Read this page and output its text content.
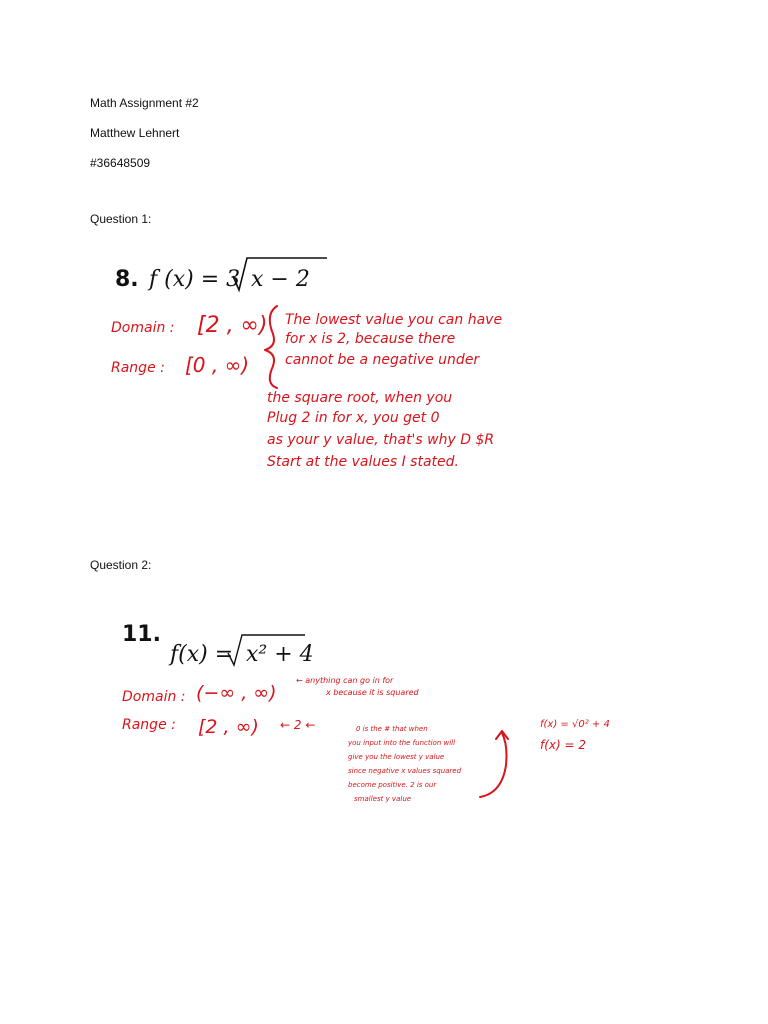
Math Assignment #2

Matthew Lehnert

#36648509

Question 1:

8. f (x) = 3 x − 2
Domain : [2 , ∞)
Range : [0 , ∞)
The lowest value you can have
for x is 2, because there
cannot be a negative under
the square root, when you
Plug 2 in for x, you get 0
as your y value, that's why D $R
Start at the values I stated.

Question 2:

11.
f(x) = x² + 4
Domain : (−∞ , ∞)
← anything can go in for
x because it is squared
Range : [2 , ∞) ← 2 ←	0 is the # that when
you input into the function will
give you the lowest y value
since negative x values squared
become positive. 2 is our
smallest y value
f(x) = √0² + 4
f(x) = 2
